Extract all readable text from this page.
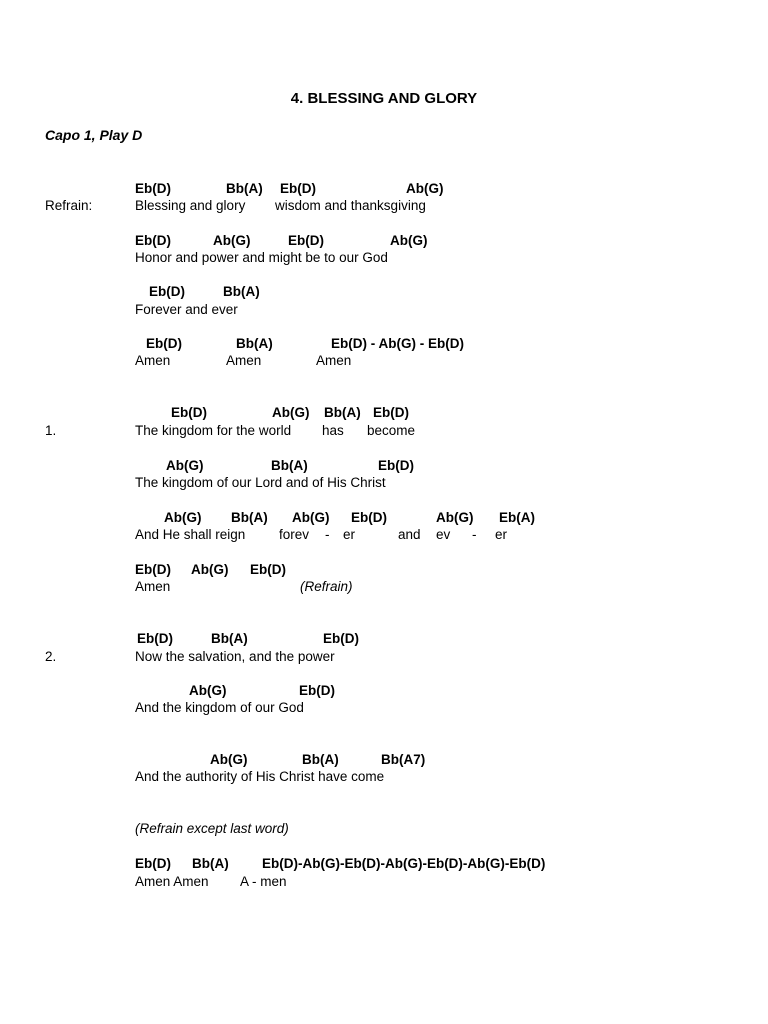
4. BLESSING AND GLORY
Capo 1, Play D
Eb(D)	Bb(A) Eb(D)	Ab(G)
Refrain:	Blessing and glory wisdom and thanksgiving
Eb(D)	Ab(G)	Eb(D)	Ab(G)
Honor and power and might be to our God
Eb(D)	Bb(A)
Forever and ever
Eb(D)	Bb(A)	Eb(D) - Ab(G) - Eb(D)
Amen	Amen	Amen
Eb(D)	Ab(G) Bb(A) Eb(D)
1.	The kingdom for the world has become
Ab(G)	Bb(A)	Eb(D)
The kingdom of our Lord and of His Christ
Ab(G) Bb(A) Ab(G) Eb(D)	Ab(G) Eb(A)
And He shall reign forev - er	and ev - er
Eb(D) Ab(G) Eb(D)
Amen	(Refrain)
Eb(D)	Bb(A)	Eb(D)
2.	Now the salvation, and the power
Ab(G)	Eb(D)
And the kingdom of our God
Ab(G)	Bb(A)	Bb(A7)
And the authority of His Christ have come
(Refrain except last word)
Eb(D) Bb(A) Eb(D)-Ab(G)-Eb(D)-Ab(G)-Eb(D)-Ab(G)-Eb(D)
Amen Amen A - men
